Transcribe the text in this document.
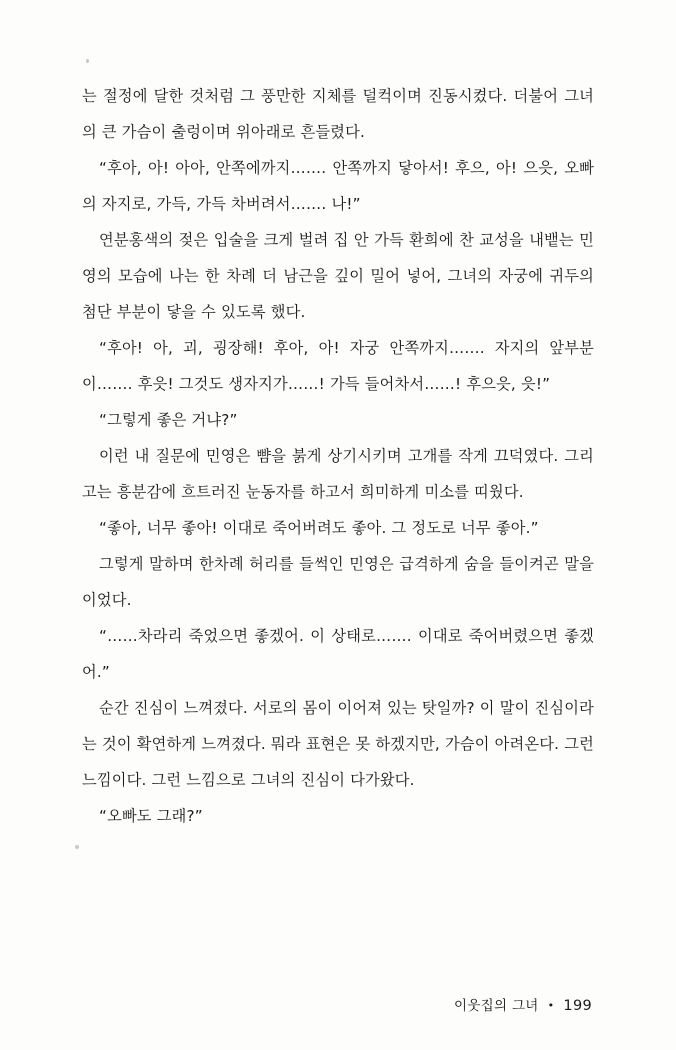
는 절정에 달한 것처럼 그 풍만한 지체를 덜컥이며 진동시켰다. 더불어 그녀의 큰 가슴이 출렁이며 위아래로 흔들렸다.

“후아, 아! 아아, 안쪽에까지……. 안쪽까지 닿아서! 후으, 아! 으읏, 오빠의 자지로, 가득, 가득 차버려서……. 나!”

연분홍색의 젖은 입술을 크게 벌려 집 안 가득 환희에 찬 교성을 내뱉는 민영의 모습에 나는 한 차례 더 남근을 깊이 밀어 넣어, 그녀의 자궁에 귀두의 첨단 부분이 닿을 수 있도록 했다.

“후아! 아, 괴, 굉장해! 후아, 아! 자궁 안쪽까지……. 자지의 앞부분이……. 후읏! 그것도 생자지가……! 가득 들어차서……! 후으읏, 읏!”

“그렇게 좋은 거냐?”

이런 내 질문에 민영은 뺨을 붉게 상기시키며 고개를 작게 끄덕였다. 그리고는 흥분감에 흐트러진 눈동자를 하고서 희미하게 미소를 띠웠다.

“좋아, 너무 좋아! 이대로 죽어버려도 좋아. 그 정도로 너무 좋아.”

그렇게 말하며 한차례 허리를 들썩인 민영은 급격하게 숨을 들이켜곤 말을 이었다.

“……차라리 죽었으면 좋겠어. 이 상태로……. 이대로 죽어버렸으면 좋겠어.”

순간 진심이 느껴졌다. 서로의 몸이 이어져 있는 탓일까? 이 말이 진심이라는 것이 확연하게 느껴졌다. 뭐라 표현은 못 하겠지만, 가슴이 아려온다. 그런 느낌이다. 그런 느낌으로 그녀의 진심이 다가왔다.

“오빠도 그래?”

이웃집의 그녀 • 199
